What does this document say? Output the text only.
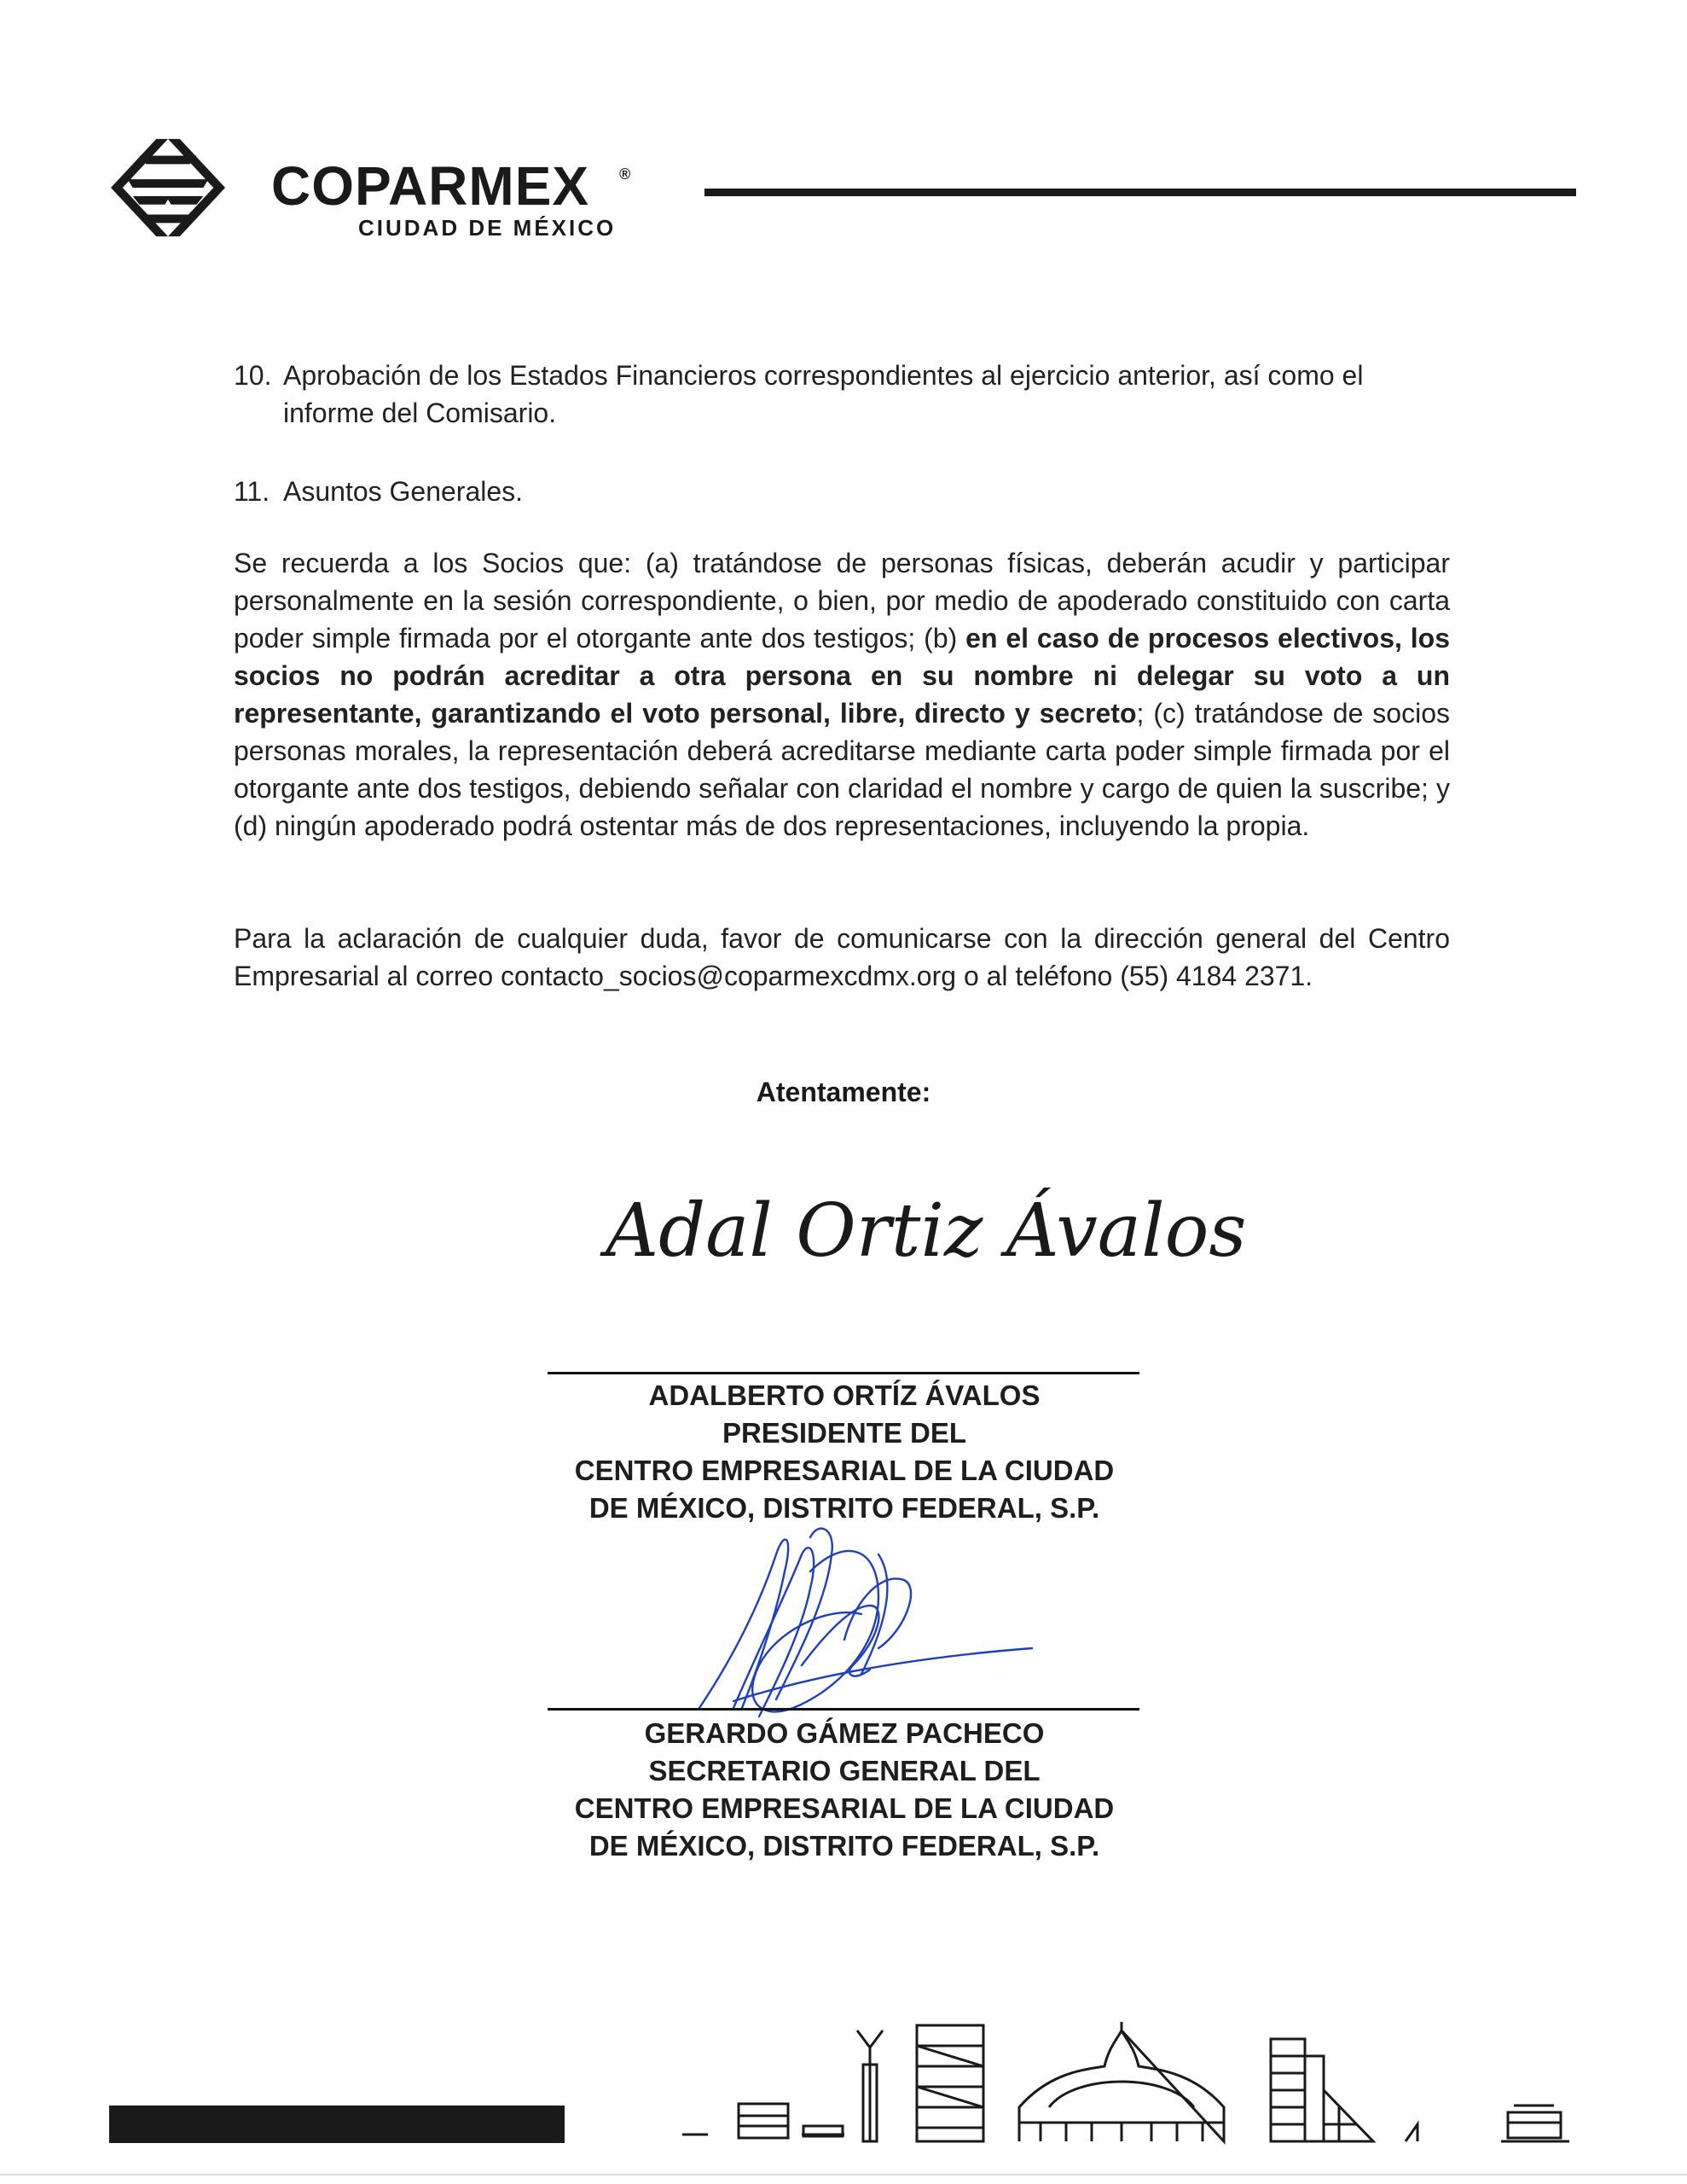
COPARMEX ®
CIUDAD DE MÉXICO
10. Aprobación de los Estados Financieros correspondientes al ejercicio anterior, así como el informe del Comisario.
11. Asuntos Generales.
Se recuerda a los Socios que: (a) tratándose de personas físicas, deberán acudir y participar personalmente en la sesión correspondiente, o bien, por medio de apoderado constituido con carta poder simple firmada por el otorgante ante dos testigos; (b) en el caso de procesos electivos, los socios no podrán acreditar a otra persona en su nombre ni delegar su voto a un representante, garantizando el voto personal, libre, directo y secreto; (c) tratándose de socios personas morales, la representación deberá acreditarse mediante carta poder simple firmada por el otorgante ante dos testigos, debiendo señalar con claridad el nombre y cargo de quien la suscribe; y (d) ningún apoderado podrá ostentar más de dos representaciones, incluyendo la propia.
Para la aclaración de cualquier duda, favor de comunicarse con la dirección general del Centro Empresarial al correo contacto_socios@coparmexcdmx.org o al teléfono (55) 4184 2371.
Atentamente:
Adal Ortiz Ávalos
ADALBERTO ORTÍZ ÁVALOS
PRESIDENTE DEL
CENTRO EMPRESARIAL DE LA CIUDAD
DE MÉXICO, DISTRITO FEDERAL, S.P.
GERARDO GÁMEZ PACHECO
SECRETARIO GENERAL DEL
CENTRO EMPRESARIAL DE LA CIUDAD
DE MÉXICO, DISTRITO FEDERAL, S.P.
